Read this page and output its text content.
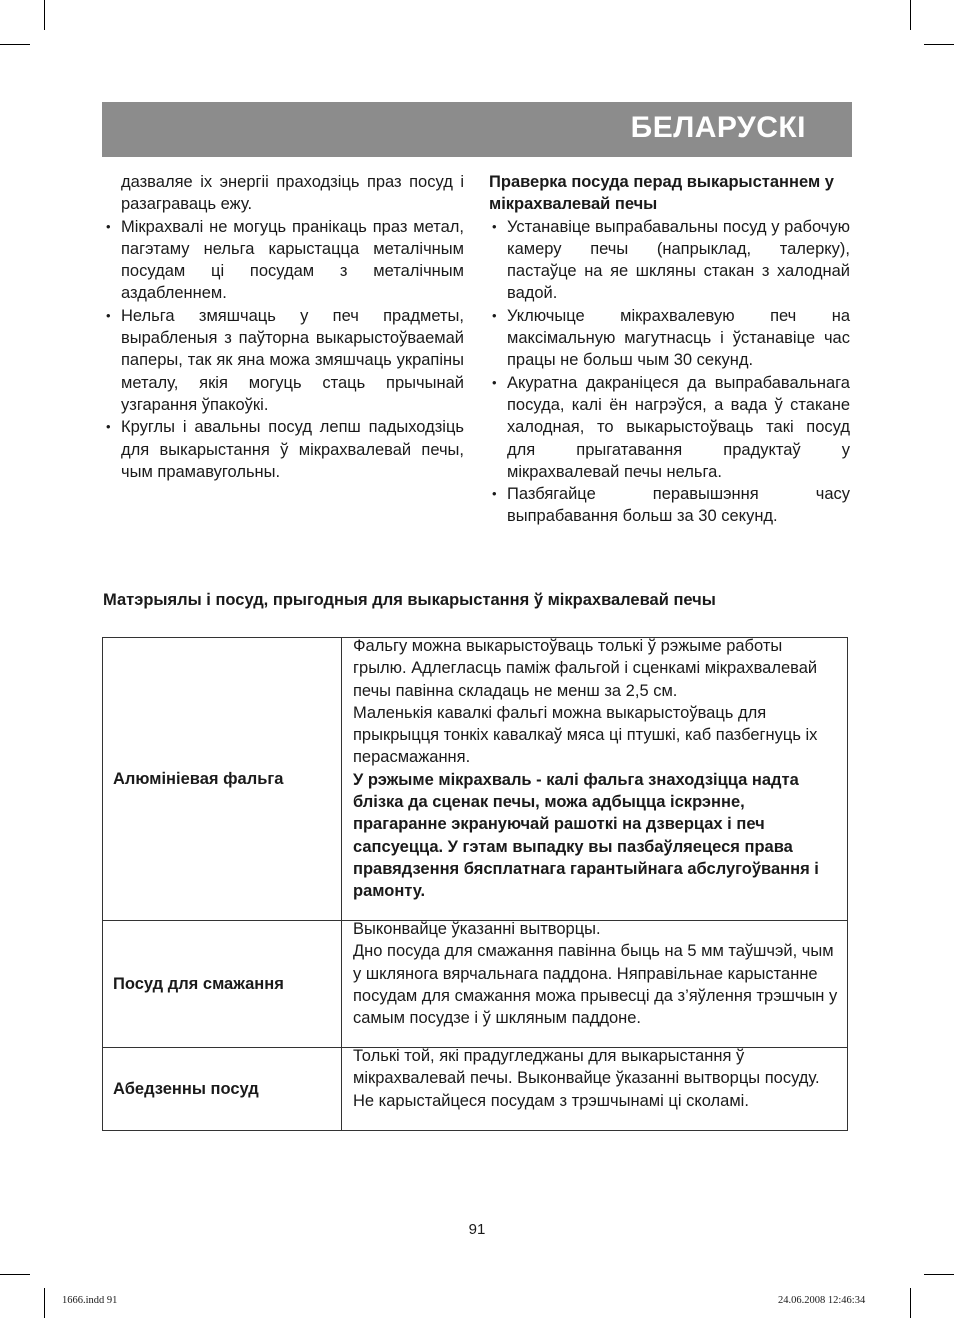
БЕЛАРУСКІ

дазваляе іх энергіі праходзіць праз посуд і разаграваць ежу.

• Мікрахвалі не могуць пранікаць праз метал, пагэтаму нельга карыстацца металічным посудам ці посудам з металічным аздабленнем.
• Нельга змяшчаць у печ прадметы, вырабленыя з паўторна выкарыстоўваемай паперы, так як яна можа змяшчаць украпіны металу, якія могуць стаць прычынай узгарання ўпакоўкі.
• Круглы і авальны посуд лепш падыходзіць для выкарыстання ў мікрахвалевай печы, чым прамавугольны.

Праверка посуда перад выкарыстаннем у мікрахвалевай печы

• Устанавіце выпрабавальны посуд у рабочую камеру печы (напрыклад, талерку), пастаўце на яе шкляны стакан з халоднай вадой.
• Уключыце мікрахвалевую печ на максімальную магутнасць і ўстанавіце час працы не больш чым 30 секунд.
• Акуратна дакраніцеся да выпрабавальнага посуда, калі ён нагрэўся, а вада ў стакане халодная, то выкарыстоўваць такі посуд для прыгатавання прадуктаў у мікрахвалевай печы нельга.
• Пазбягайце перавышэння часу выпрабавання больш за 30 секунд.

Матэрыялы і посуд, прыгодныя для выкарыстання ў мікрахвалевай печы

Алюмініевая фальга	Фальгу можна выкарыстоўваць толькі ў рэжыме работы грылю. Адлегласць паміж фальгой і сценкамі мікрахвалевай печы павінна складаць не менш за 2,5 см.
Маленькія кавалкі фальгі можна выкарыстоўваць для прыкрыцця тонкіх кавалкаў мяса ці птушкі, каб пазбегнуць іх перасмажання.
У рэжыме мікрахваль - калі фальга знаходзіцца надта блізка да сценак печы, можа адбыцца іскрэнне, прагаранне экрануючай рашоткі на дзверцах і печ сапсуецца. У гэтам выпадку вы пазбаўляецеся права правядзення бясплатнага гарантыйнага абслугоўвання і рамонту.

Посуд для смажання	Выконвайце ўказанні вытворцы.
Дно посуда для смажання павінна быць на 5 мм таўшчэй, чым у шклянога вярчальнага паддона. Няправільнае карыстанне посудам для смажання можа прывесці да з’яўлення трэшчын у самым посудзе і ў шкляным паддоне.

Абедзенны посуд	Толькі той, які прадугледжаны для выкарыстання ў мікрахвалевай печы. Выконвайце ўказанні вытворцы посуду. Не карыстайцеся посудам з трэшчынамі ці сколамі.
91
1666.indd 91	24.06.2008 12:46:34
